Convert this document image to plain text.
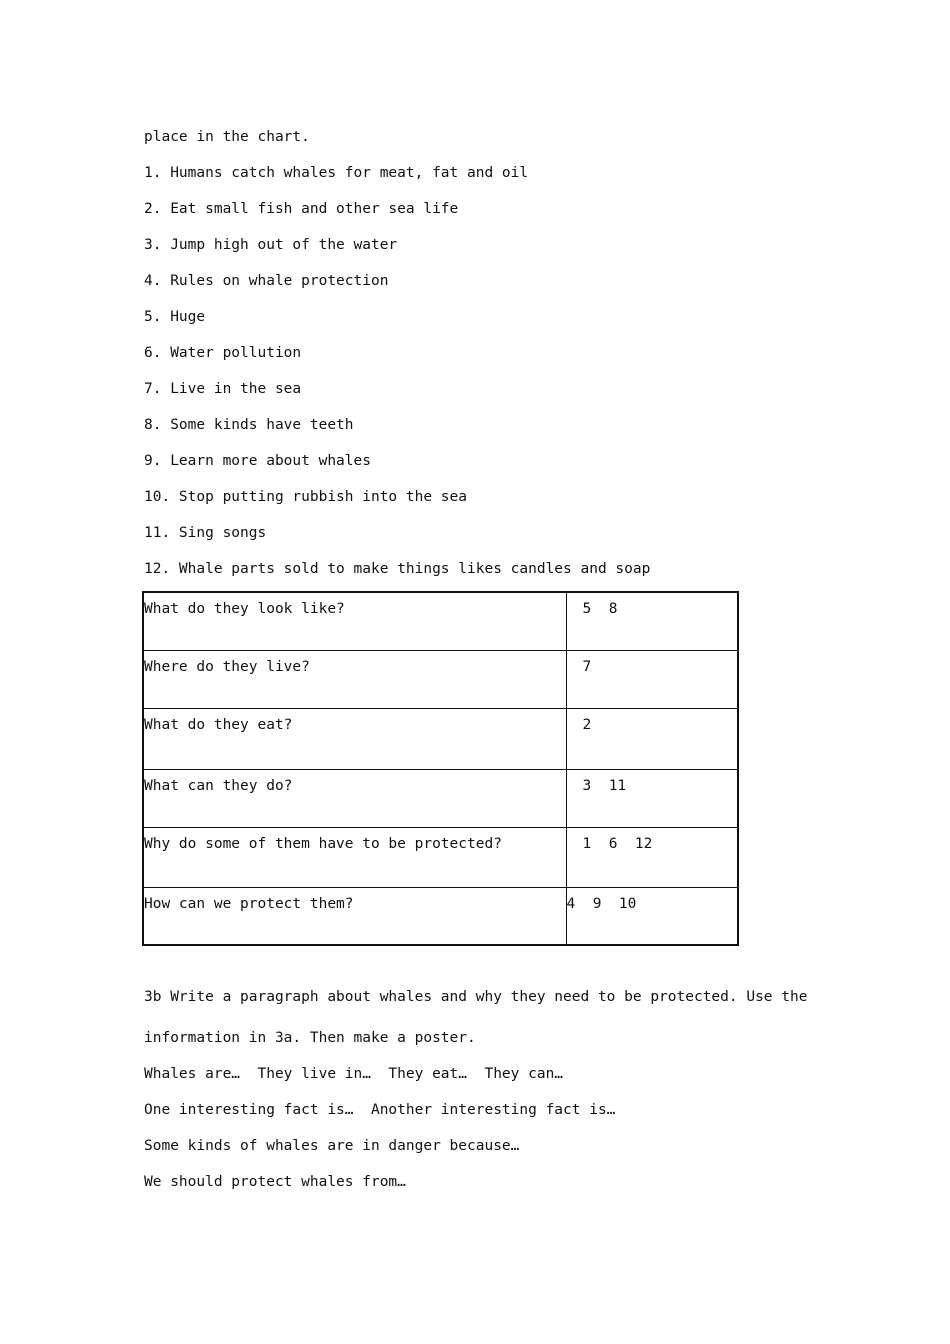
place in the chart.
1. Humans catch whales for meat, fat and oil
2. Eat small fish and other sea life
3. Jump high out of the water
4. Rules on whale protection
5. Huge
6. Water pollution
7. Live in the sea
8. Some kinds have teeth
9. Learn more about whales
10. Stop putting rubbish into the sea
11. Sing songs
12. Whale parts sold to make things likes candles and soap
What do they look like?	5  8
Where do they live?	7
What do they eat?	2
What can they do?	3  11
Why do some of them have to be protected?	1  6  12
How can we protect them?	4  9  10
3b Write a paragraph about whales and why they need to be protected. Use the
information in 3a. Then make a poster.
Whales are…  They live in…  They eat…  They can…
One interesting fact is…  Another interesting fact is…
Some kinds of whales are in danger because…
We should protect whales from…
